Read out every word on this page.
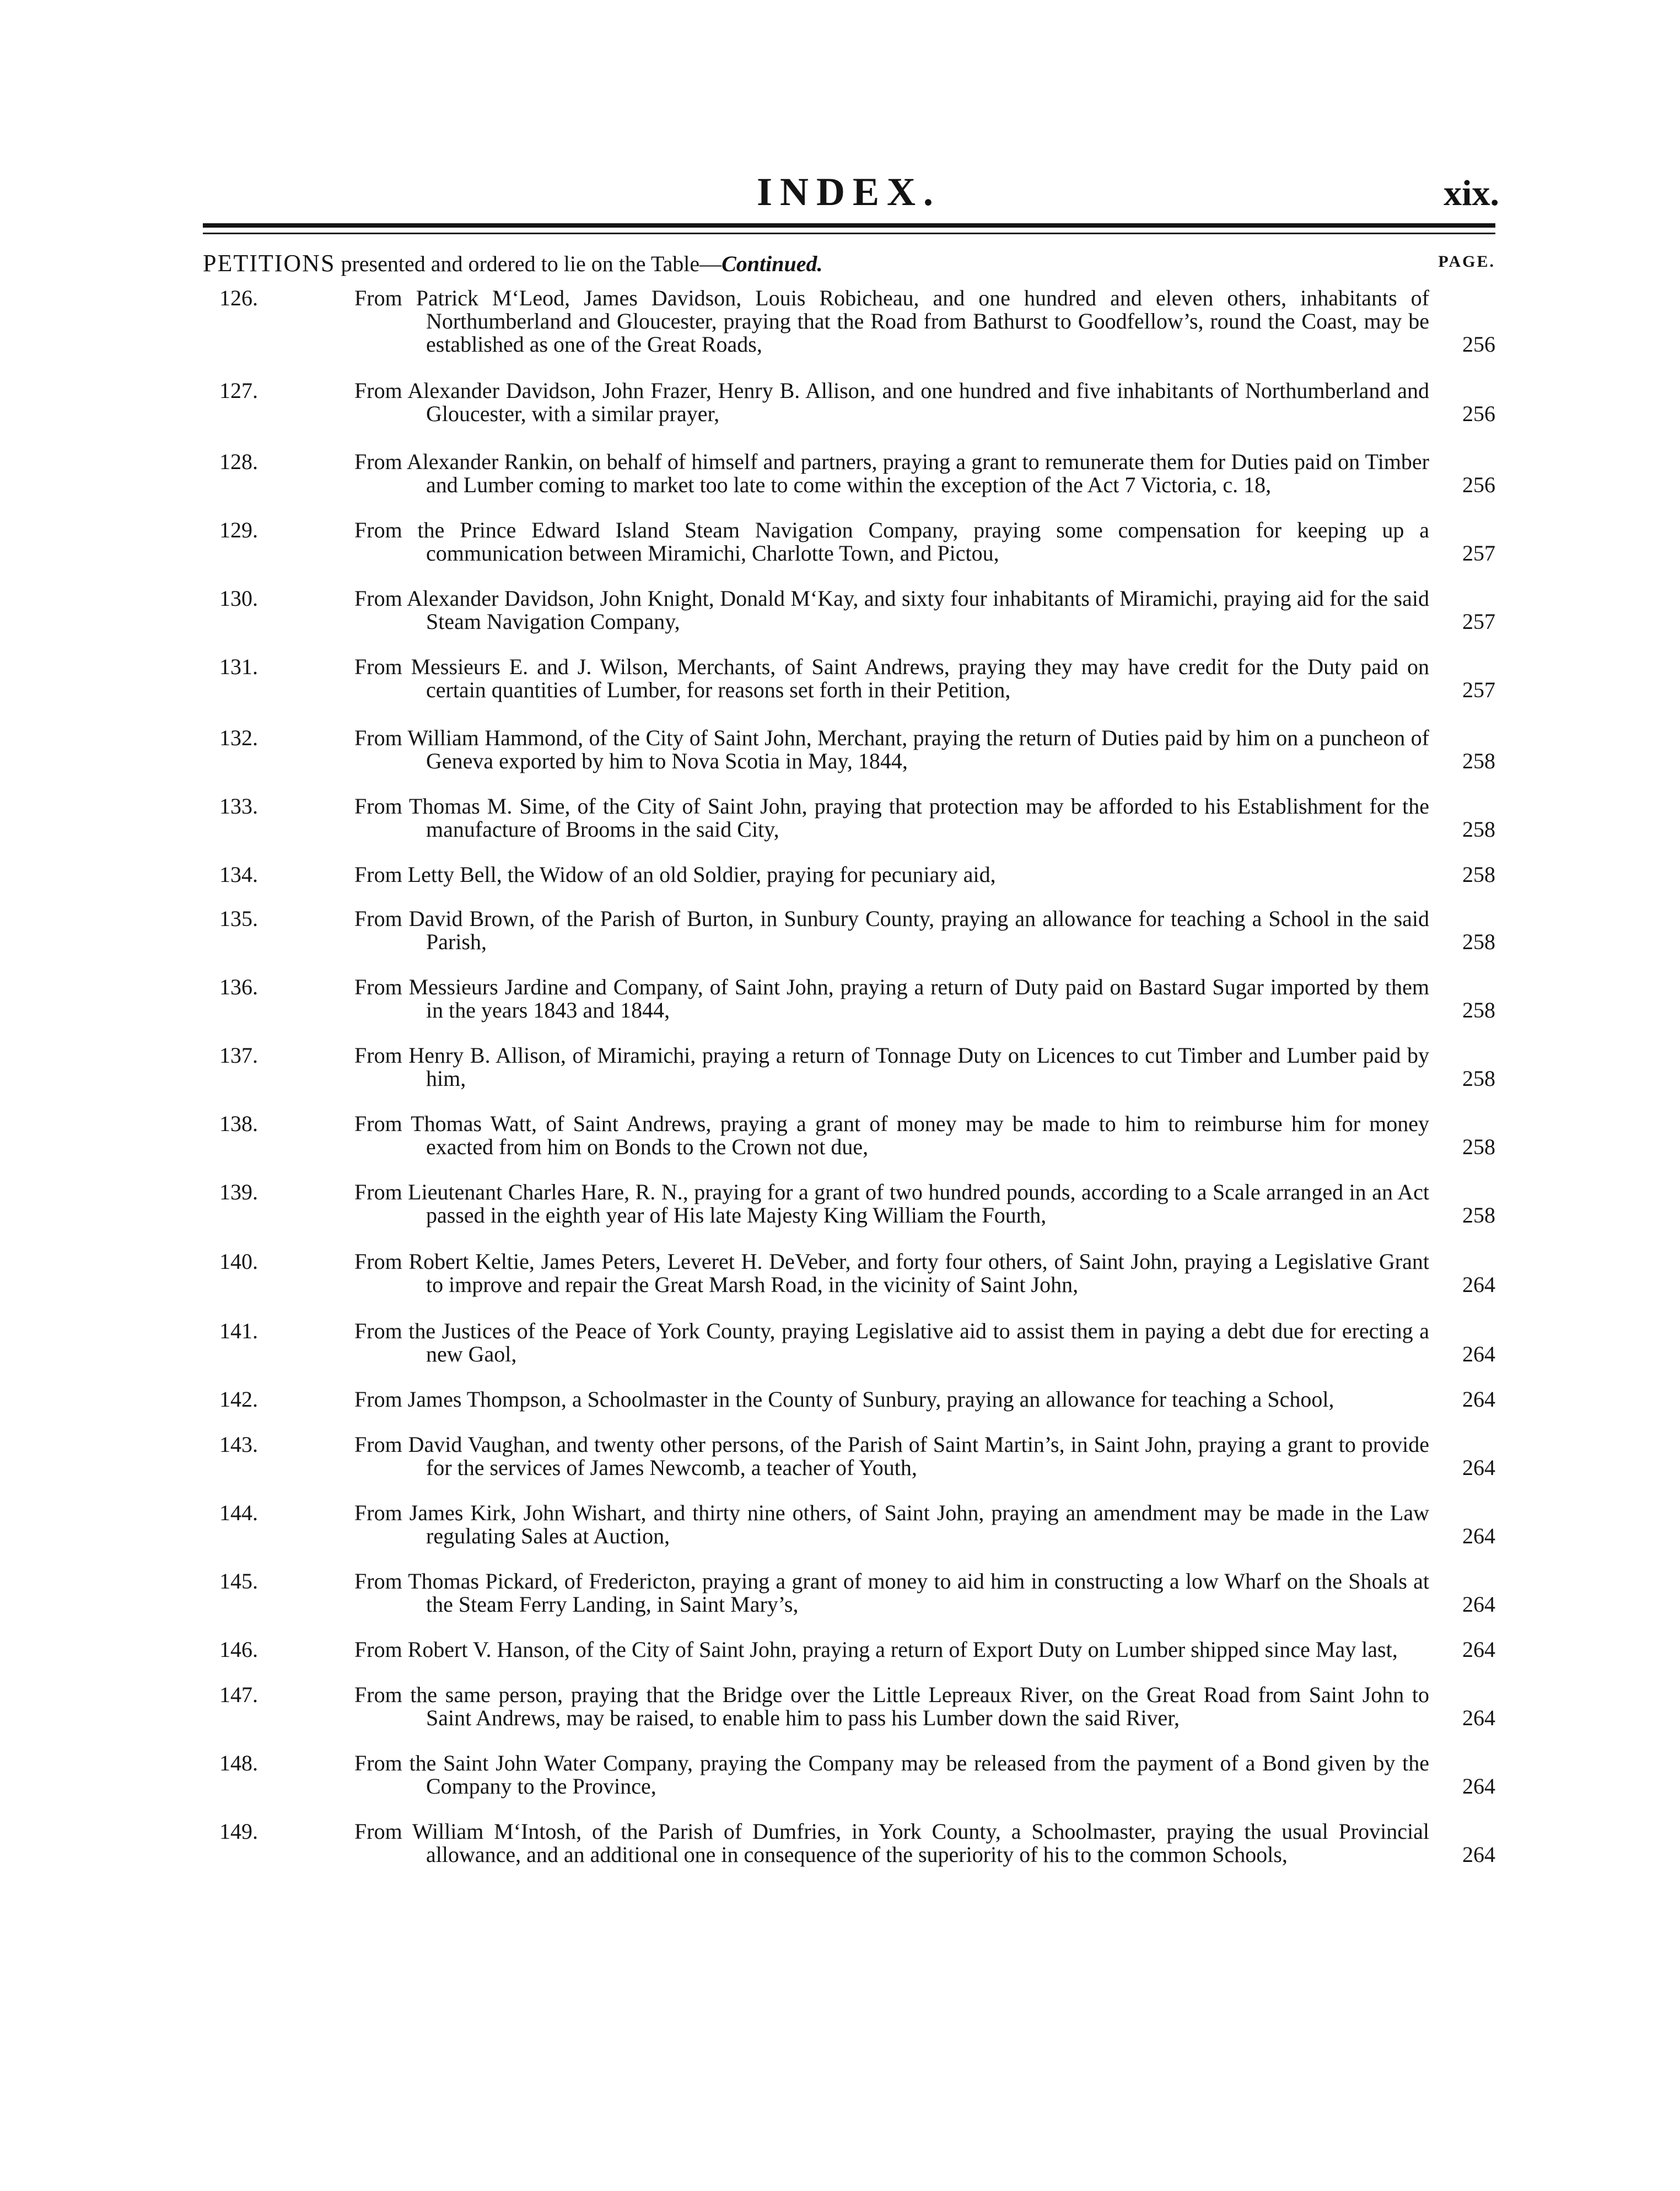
INDEX.	xix.
PETITIONS presented and ordered to lie on the Table—Continued.	PAGE.
126.	From Patrick M‘Leod, James Davidson, Louis Robicheau, and one hundred and eleven others, inhabitants of Northumberland and Gloucester, praying that the Road from Bathurst to Goodfellow’s, round the Coast, may be established as one of the Great Roads,	256
127.	From Alexander Davidson, John Frazer, Henry B. Allison, and one hundred and five inhabitants of Northumberland and Gloucester, with a similar prayer,	256
128.	From Alexander Rankin, on behalf of himself and partners, praying a grant to remunerate them for Duties paid on Timber and Lumber coming to market too late to come within the exception of the Act 7 Victoria, c. 18,	256
129.	From the Prince Edward Island Steam Navigation Company, praying some compensation for keeping up a communication between Miramichi, Charlotte Town, and Pictou,	257
130.	From Alexander Davidson, John Knight, Donald M‘Kay, and sixty four inhabitants of Miramichi, praying aid for the said Steam Navigation Company,	257
131.	From Messieurs E. and J. Wilson, Merchants, of Saint Andrews, praying they may have credit for the Duty paid on certain quantities of Lumber, for reasons set forth in their Petition,	257
132.	From William Hammond, of the City of Saint John, Merchant, praying the return of Duties paid by him on a puncheon of Geneva exported by him to Nova Scotia in May, 1844,	258
133.	From Thomas M. Sime, of the City of Saint John, praying that protection may be afforded to his Establishment for the manufacture of Brooms in the said City,	258
134.	From Letty Bell, the Widow of an old Soldier, praying for pecuniary aid,	258
135.	From David Brown, of the Parish of Burton, in Sunbury County, praying an allowance for teaching a School in the said Parish,	258
136.	From Messieurs Jardine and Company, of Saint John, praying a return of Duty paid on Bastard Sugar imported by them in the years 1843 and 1844,	258
137.	From Henry B. Allison, of Miramichi, praying a return of Tonnage Duty on Licences to cut Timber and Lumber paid by him,	258
138.	From Thomas Watt, of Saint Andrews, praying a grant of money may be made to him to reimburse him for money exacted from him on Bonds to the Crown not due,	258
139.	From Lieutenant Charles Hare, R. N., praying for a grant of two hundred pounds, according to a Scale arranged in an Act passed in the eighth year of His late Majesty King William the Fourth,	258
140.	From Robert Keltie, James Peters, Leveret H. DeVeber, and forty four others, of Saint John, praying a Legislative Grant to improve and repair the Great Marsh Road, in the vicinity of Saint John,	264
141.	From the Justices of the Peace of York County, praying Legislative aid to assist them in paying a debt due for erecting a new Gaol,	264
142.	From James Thompson, a Schoolmaster in the County of Sunbury, praying an allowance for teaching a School,	264
143.	From David Vaughan, and twenty other persons, of the Parish of Saint Martin’s, in Saint John, praying a grant to provide for the services of James Newcomb, a teacher of Youth,	264
144.	From James Kirk, John Wishart, and thirty nine others, of Saint John, praying an amendment may be made in the Law regulating Sales at Auction,	264
145.	From Thomas Pickard, of Fredericton, praying a grant of money to aid him in constructing a low Wharf on the Shoals at the Steam Ferry Landing, in Saint Mary’s,	264
146.	From Robert V. Hanson, of the City of Saint John, praying a return of Export Duty on Lumber shipped since May last,	264
147.	From the same person, praying that the Bridge over the Little Lepreaux River, on the Great Road from Saint John to Saint Andrews, may be raised, to enable him to pass his Lumber down the said River,	264
148.	From the Saint John Water Company, praying the Company may be released from the payment of a Bond given by the Company to the Province,	264
149.	From William M‘Intosh, of the Parish of Dumfries, in York County, a Schoolmaster, praying the usual Provincial allowance, and an additional one in consequence of the superiority of his to the common Schools,	264
